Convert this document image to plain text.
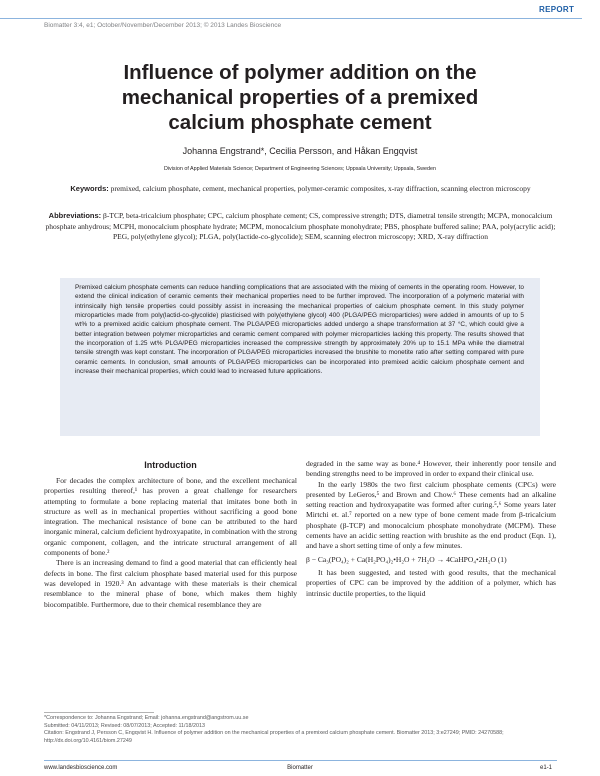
REPORT
Biomatter 3:4, e1; October/November/December 2013; © 2013 Landes Bioscience
Influence of polymer addition on the mechanical properties of a premixed calcium phosphate cement
Johanna Engstrand*, Cecilia Persson, and Håkan Engqvist
Division of Applied Materials Science; Department of Engineering Sciences; Uppsala University; Uppsala, Sweden
Keywords: premixed, calcium phosphate, cement, mechanical properties, polymer-ceramic composites, x-ray diffraction, scanning electron microscopy
Abbreviations: β-TCP, beta-tricalcium phosphate; CPC, calcium phosphate cement; CS, compressive strength; DTS, diametral tensile strength; MCPA, monocalcium phosphate anhydrous; MCPH, monocalcium phosphate hydrate; MCPM, monocalcium phosphate monohydrate; PBS, phosphate buffered saline; PAA, poly(acrylic acid); PEG, poly(ethylene glycol); PLGA, poly(lactide-co-glycolide); SEM, scanning electron microscopy; XRD, X-ray diffraction
Premixed calcium phosphate cements can reduce handling complications that are associated with the mixing of cements in the operating room. However, to extend the clinical indication of ceramic cements their mechanical properties need to be further improved. The incorporation of a polymeric material with intrinsically high tensile properties could possibly assist in increasing the mechanical properties of calcium phosphate cement. In this study polymer microparticles made from poly(lactid-co-glycolide) plasticised with poly(ethylene glycol) 400 (PLGA/PEG microparticles) were added in amounts of up to 5 wt% to a premixed acidic calcium phosphate cement. The PLGA/PEG microparticles added undergo a shape transformation at 37 °C, which could give a better integration between polymer microparticles and ceramic cement compared with polymer microparticles lacking this property. The results showed that the incorporation of 1.25 wt% PLGA/PEG microparticles increased the compressive strength by approximately 20% up to 15.1 MPa while the diametral tensile strength was kept constant. The incorporation of PLGA/PEG microparticles increased the brushite to monetite ratio after setting compared with pure ceramic cements. In conclusion, small amounts of PLGA/PEG microparticles can be incorporated into premixed acidic calcium phosphate cement and increase their mechanical properties, which could lead to increased future applications.
Introduction

For decades the complex architecture of bone, and the excellent mechanical properties resulting thereof,¹ has proven a great challenge for researchers attempting to formulate a bone replacing material that imitates bone both in structure as well as in mechanical properties without sacrificing a good bone integration. The mechanical resistance of bone can be attributed to the hard inorganic mineral, calcium deficient hydroxyapatite, in combination with the strong organic component, collagen, and the intricate structural arrangement of all components of bone.²

There is an increasing demand to find a good material that can efficiently heal defects in bone. The first calcium phosphate based material used for this purpose was developed in 1920.³ An advantage with these materials is their chemical resemblance to the mineral phase of bone, which makes them highly biocompatible. Furthermore, due to their chemical resemblance they are

degraded in the same way as bone.⁴ However, their inherently poor tensile and bending strengths need to be improved in order to expand their clinical use.

In the early 1980s the two first calcium phosphate cements (CPCs) were presented by LeGeros,⁵ and Brown and Chow.⁶ These cements had an alkaline setting reaction and hydroxyapatite was formed after curing.⁵,⁶ Some years later Mirtchi et. al.⁷ reported on a new type of bone cement made from β-tricalcium phosphate (β-TCP) and monocalcium phosphate monohydrate (MCPM). These cements have an acidic setting reaction with brushite as the end product (Eqn. 1), and have a short setting time of only a few minutes.

β − Ca₃(PO₄)₂ + Ca(H₂PO₄)₂•H₂O + 7H₂O → 4CaHPO₄•2H₂O (1)

It has been suggested, and tested with good results, that the mechanical properties of CPC can be improved by the addition of a polymer, which has intrinsic ductile properties, to the liquid

*Correspondence to: Johanna Engstrand; Email: johanna.engstrand@angstrom.uu.se
Submitted: 04/11/2013; Revised: 08/07/2013; Accepted: 11/18/2013
Citation: Engstrand J, Persson C, Engqvist H. Influence of polymer addition on the mechanical properties of a premixed calcium phosphate cement. Biomatter 2013; 3:e27249; PMID: 24270588; http://dx.doi.org/10.4161/biom.27249
www.landesbioscience.com	Biomatter	e1-1
